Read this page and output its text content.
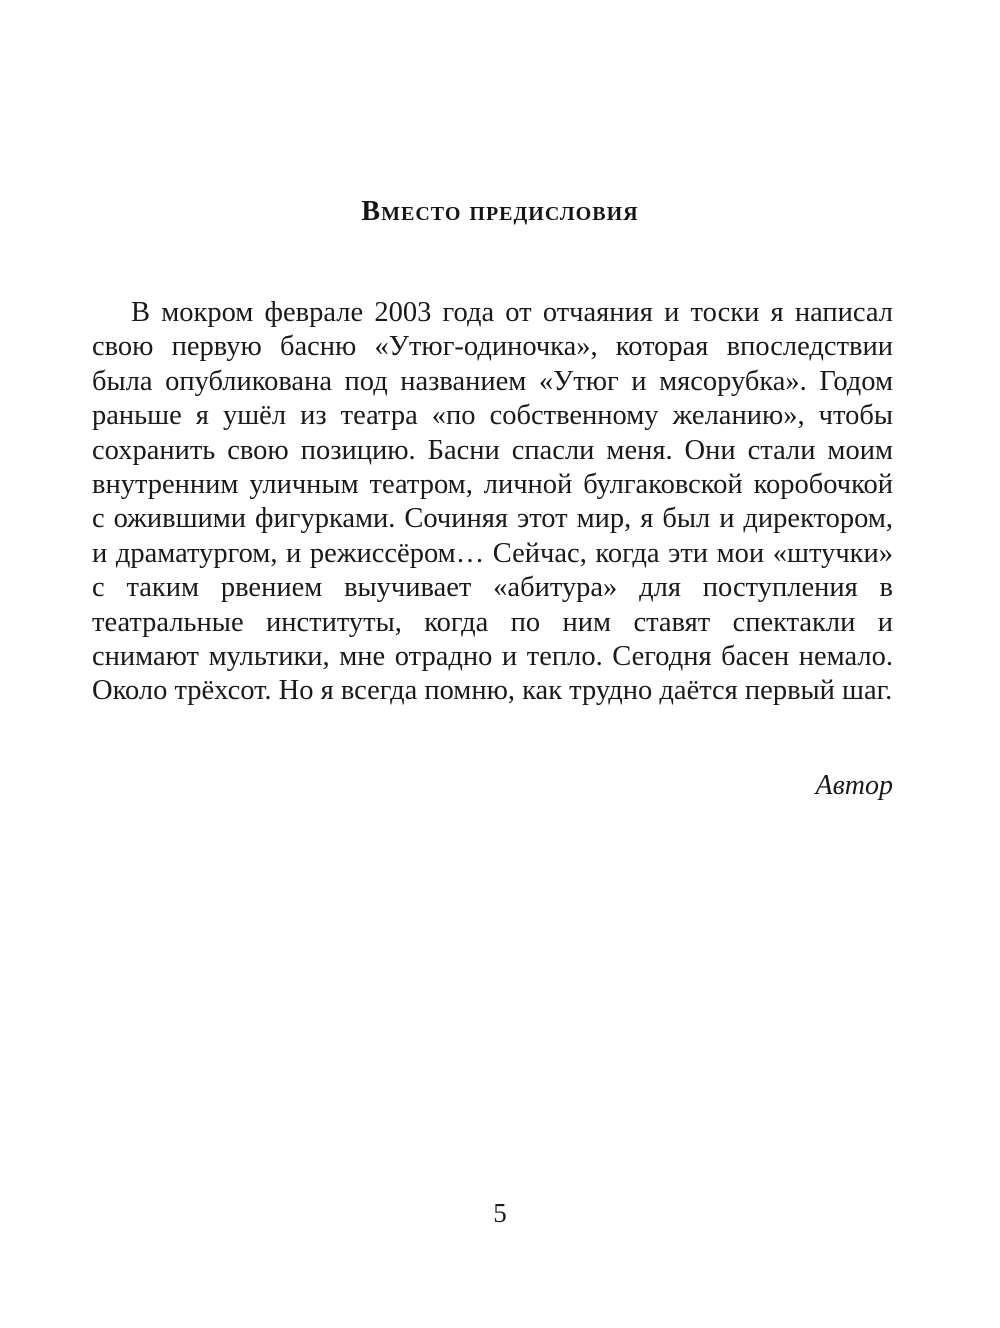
Вместо предисловия

В мокром феврале 2003 года от отчаяния и тоски я написал свою первую басню «Утюг-одиночка», которая впоследствии была опубликована под названием «Утюг и мясорубка». Годом раньше я ушёл из театра «по собственному желанию», чтобы сохранить свою позицию. Басни спасли меня. Они стали моим внутренним уличным театром, личной булгаковской коробочкой с ожившими фигурками. Сочиняя этот мир, я был и директором, и драматургом, и режиссёром… Сейчас, когда эти мои «штучки» с таким рвением выучивает «абитура» для поступления в театральные институты, когда по ним ставят спектакли и снимают мультики, мне отрадно и тепло. Сегодня басен немало. Около трёхсот. Но я всегда помню, как трудно даётся первый шаг.

Автор
5
